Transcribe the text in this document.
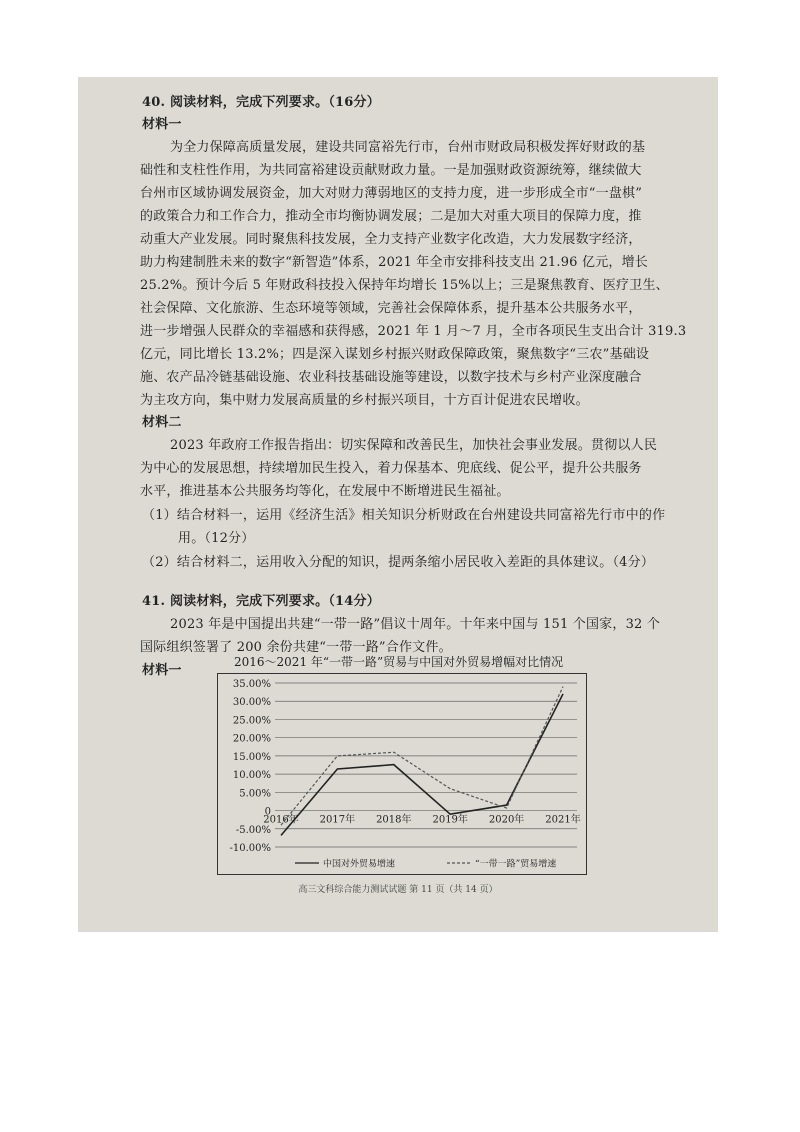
40. 阅读材料，完成下列要求。（16分）
材料一
为全力保障高质量发展，建设共同富裕先行市，台州市财政局积极发挥好财政的基
础性和支柱性作用，为共同富裕建设贡献财政力量。一是加强财政资源统筹，继续做大
台州市区域协调发展资金，加大对财力薄弱地区的支持力度，进一步形成全市“一盘棋”
的政策合力和工作合力，推动全市均衡协调发展；二是加大对重大项目的保障力度，推
动重大产业发展。同时聚焦科技发展，全力支持产业数字化改造，大力发展数字经济，
助力构建制胜未来的数字“新智造”体系，2021 年全市安排科技支出 21.96 亿元，增长
25.2%。预计今后 5 年财政科技投入保持年均增长 15%以上；三是聚焦教育、医疗卫生、
社会保障、文化旅游、生态环境等领域，完善社会保障体系，提升基本公共服务水平，
进一步增强人民群众的幸福感和获得感，2021 年 1 月～7 月，全市各项民生支出合计 319.3
亿元，同比增长 13.2%；四是深入谋划乡村振兴财政保障政策，聚焦数字“三农”基础设
施、农产品冷链基础设施、农业科技基础设施等建设，以数字技术与乡村产业深度融合
为主攻方向，集中财力发展高质量的乡村振兴项目，十方百计促进农民增收。
材料二
2023 年政府工作报告指出：切实保障和改善民生，加快社会事业发展。贯彻以人民
为中心的发展思想，持续增加民生投入，着力保基本、兜底线、促公平，提升公共服务
水平，推进基本公共服务均等化，在发展中不断增进民生福祉。
（1）结合材料一，运用《经济生活》相关知识分析财政在台州建设共同富裕先行市中的作
用。（12分）
（2）结合材料二，运用收入分配的知识，提两条缩小居民收入差距的具体建议。（4分）
41. 阅读材料，完成下列要求。（14分）
2023 年是中国提出共建“一带一路”倡议十周年。十年来中国与 151 个国家，32 个
国际组织签署了 200 余份共建“一带一路”合作文件。
材料一
2016～2021 年“一带一路”贸易与中国对外贸易增幅对比情况
35.00%
30.00%
25.00%
20.00%
15.00%
10.00%
5.00%
0
-5.00%
-10.00%
2016年 2017年 2018年 2019年 2020年 2021年
中国对外贸易增速	“一带一路”贸易增速
高三文科综合能力测试试题 第 11 页（共 14 页）
